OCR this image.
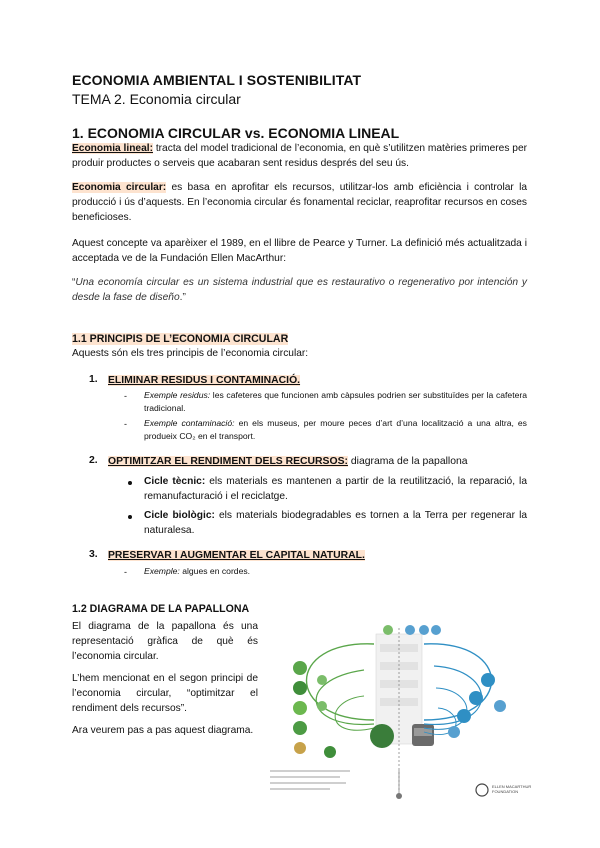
ECONOMIA AMBIENTAL I SOSTENIBILITAT
TEMA 2. Economia circular
1. ECONOMIA CIRCULAR vs. ECONOMIA LINEAL
Economia lineal: tracta del model tradicional de l’economia, en què s’utilitzen matèries primeres per produir productes o serveis que acabaran sent residus després del seu ús.
Economia circular: es basa en aprofitar els recursos, utilitzar-los amb eficiència i controlar la producció i ús d’aquests. En l’economia circular és fonamental reciclar, reaprofitar recursos en coses beneficioses.
Aquest concepte va aparèixer el 1989, en el llibre de Pearce y Turner. La definició més actualitzada i acceptada ve de la Fundación Ellen MacArthur:
“Una economía circular es un sistema industrial que es restaurativo o regenerativo por intención y desde la fase de diseño.”
1.1 PRINCIPIS DE L’ECONOMIA CIRCULAR
Aquests són els tres principis de l’economia circular:
1. ELIMINAR RESIDUS I CONTAMINACIÓ.
- Exemple residus: les cafeteres que funcionen amb càpsules podrien ser substituïdes per la cafetera tradicional.
- Exemple contaminació: en els museus, per moure peces d’art d’una localització a una altra, es produeix CO₂ en el transport.
2. OPTIMITZAR EL RENDIMENT DELS RECURSOS: diagrama de la papallona
Cicle tècnic: els materials es mantenen a partir de la reutilització, la reparació, la remanufacturació i el reciclatge.
Cicle biològic: els materials biodegradables es tornen a la Terra per regenerar la naturalesa.
3. PRESERVAR I AUGMENTAR EL CAPITAL NATURAL.
- Exemple: algues en cordes.
1.2 DIAGRAMA DE LA PAPALLONA
El diagrama de la papallona és una representació gràfica de què és l’economia circular.
L’hem mencionat en el segon principi de l’economia circular, “optimitzar el rendiment dels recursos”.
Ara veurem pas a pas aquest diagrama.
ELLEN MACARTHUR
FOUNDATION
